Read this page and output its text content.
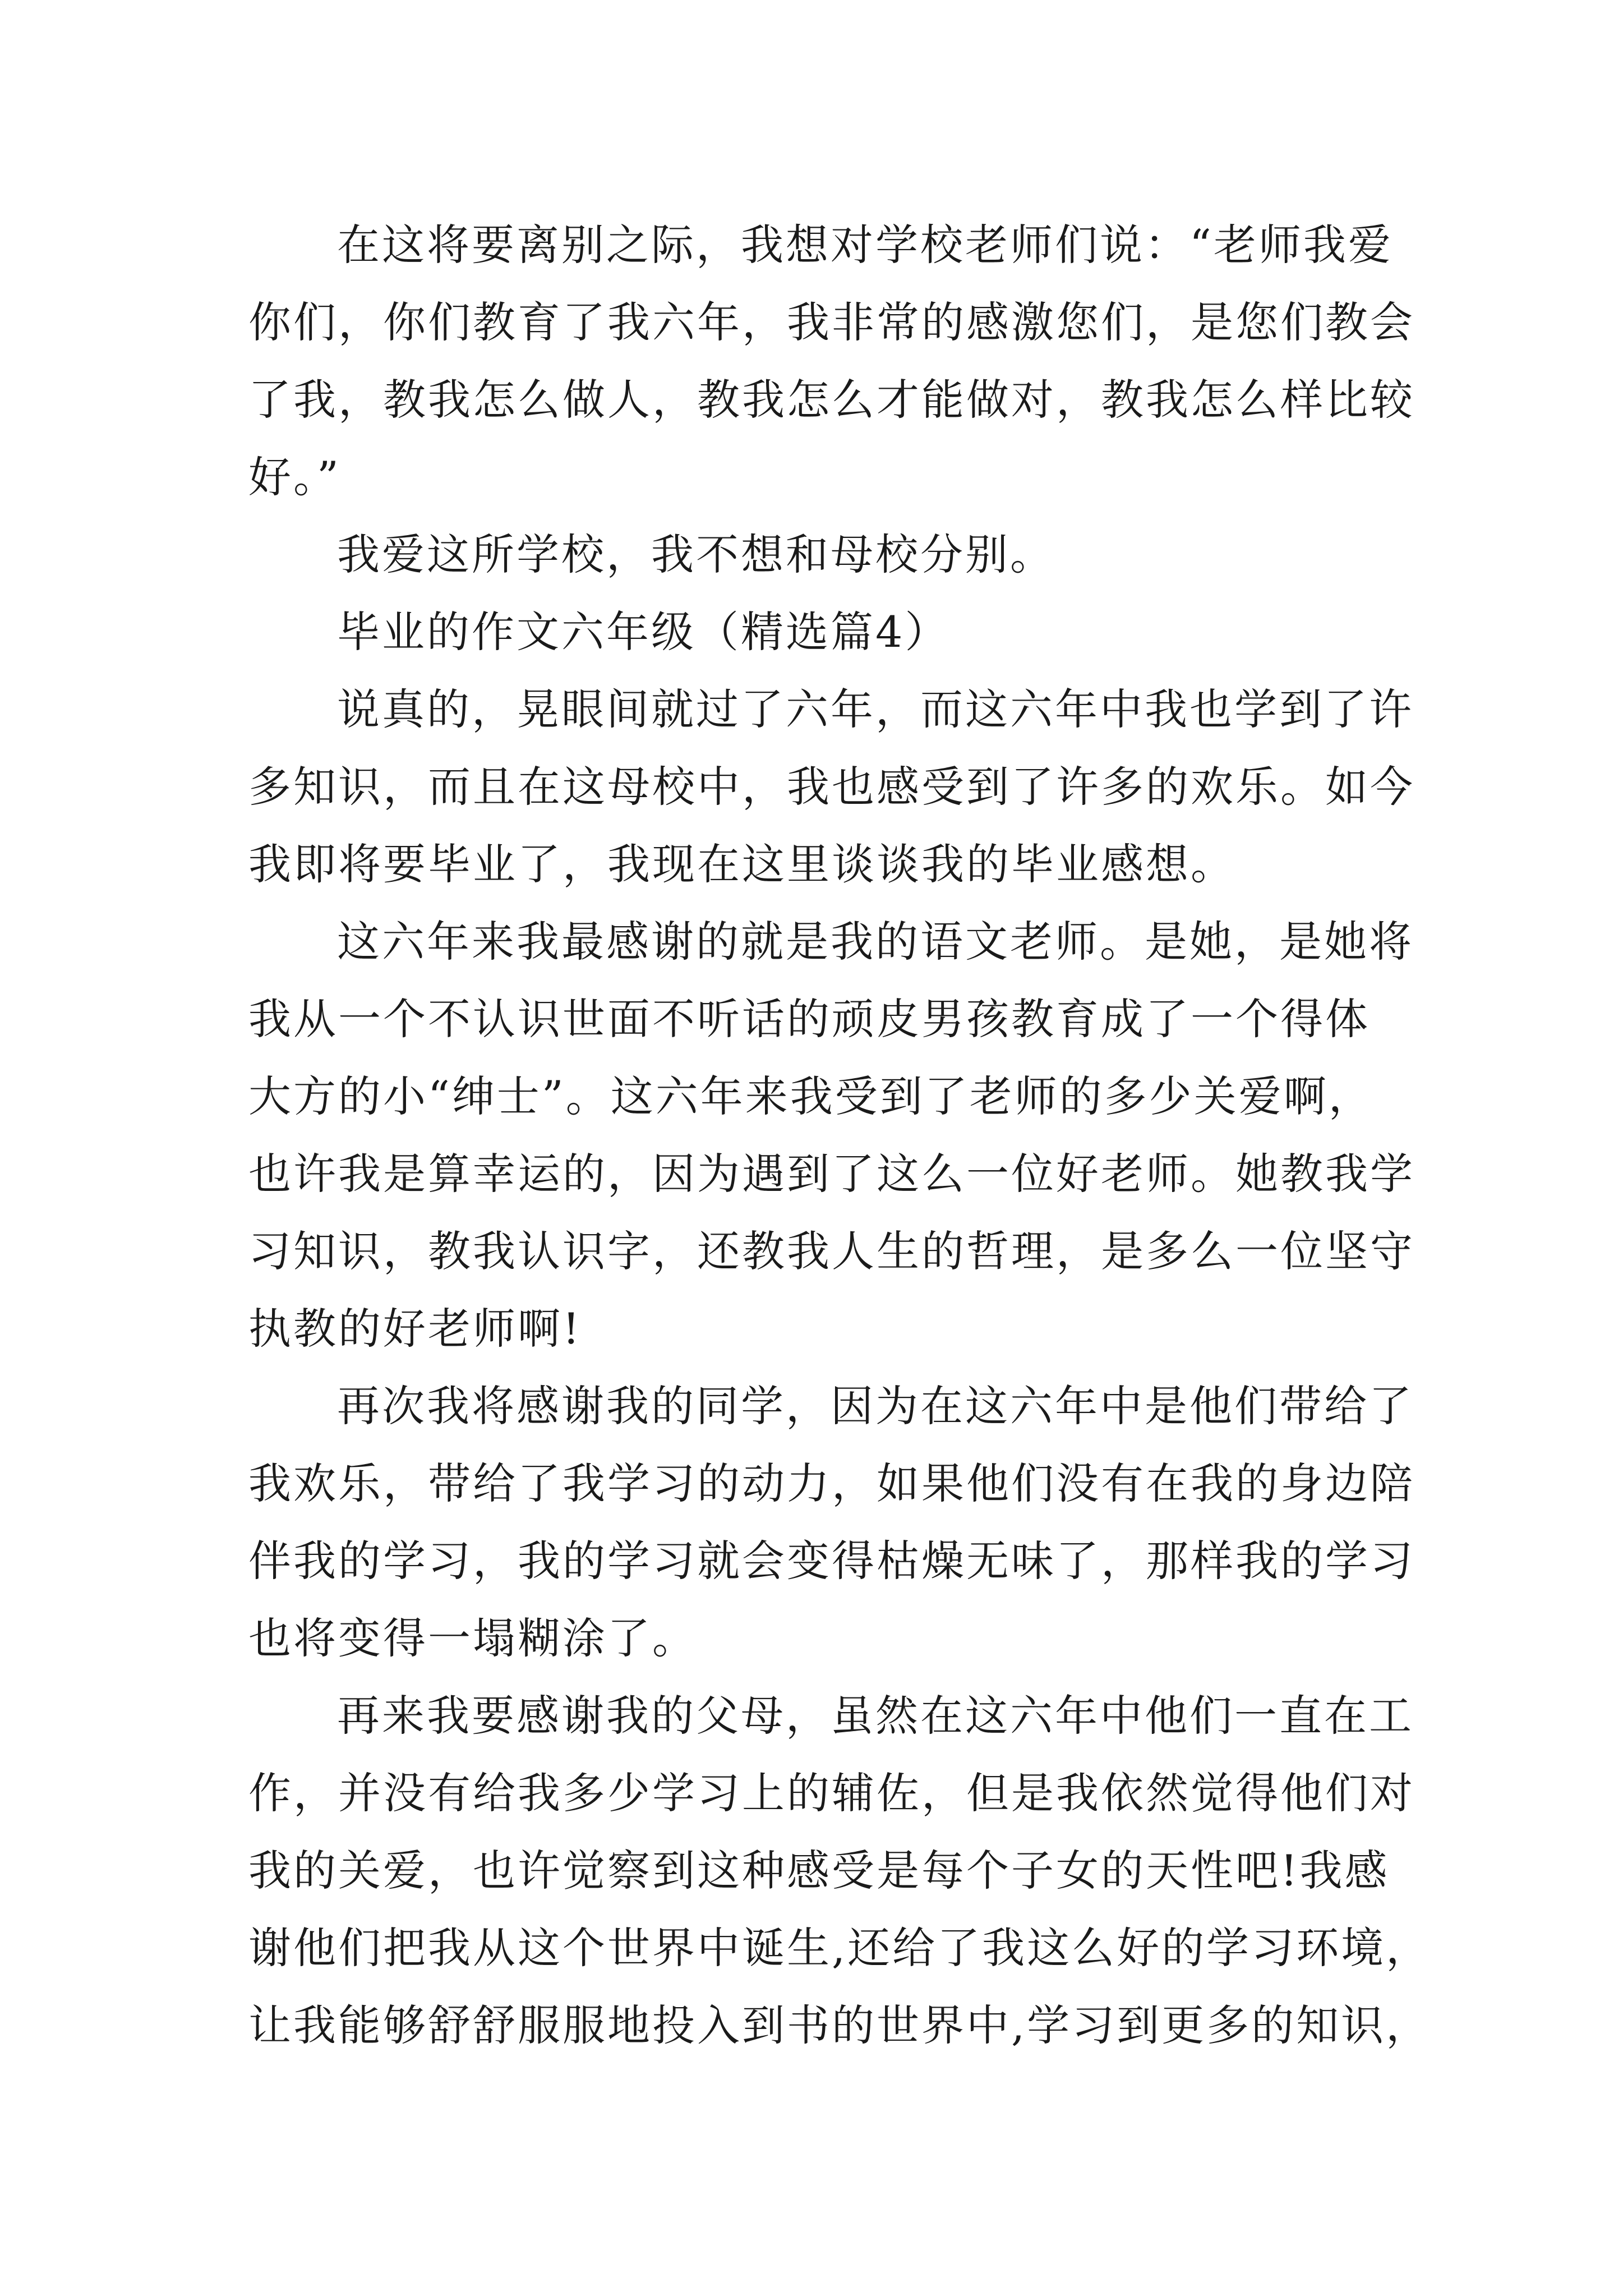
在这将要离别之际，我想对学校老师们说：“老师我爱
你们，你们教育了我六年，我非常的感激您们，是您们教会
了我，教我怎么做人，教我怎么才能做对，教我怎么样比较
好。”
我爱这所学校，我不想和母校分别。
毕业的作文六年级（精选篇4）
说真的，晃眼间就过了六年，而这六年中我也学到了许
多知识，而且在这母校中，我也感受到了许多的欢乐。如今
我即将要毕业了，我现在这里谈谈我的毕业感想。
这六年来我最感谢的就是我的语文老师。是她，是她将
我从一个不认识世面不听话的顽皮男孩教育成了一个得体
大方的小“绅士”。这六年来我受到了老师的多少关爱啊，
也许我是算幸运的，因为遇到了这么一位好老师。她教我学
习知识，教我认识字，还教我人生的哲理，是多么一位坚守
执教的好老师啊!
再次我将感谢我的同学，因为在这六年中是他们带给了
我欢乐，带给了我学习的动力，如果他们没有在我的身边陪
伴我的学习，我的学习就会变得枯燥无味了，那样我的学习
也将变得一塌糊涂了。
再来我要感谢我的父母，虽然在这六年中他们一直在工
作，并没有给我多少学习上的辅佐，但是我依然觉得他们对
我的关爱，也许觉察到这种感受是每个子女的天性吧!我感
谢他们把我从这个世界中诞生,还给了我这么好的学习环境，
让我能够舒舒服服地投入到书的世界中,学习到更多的知识，
